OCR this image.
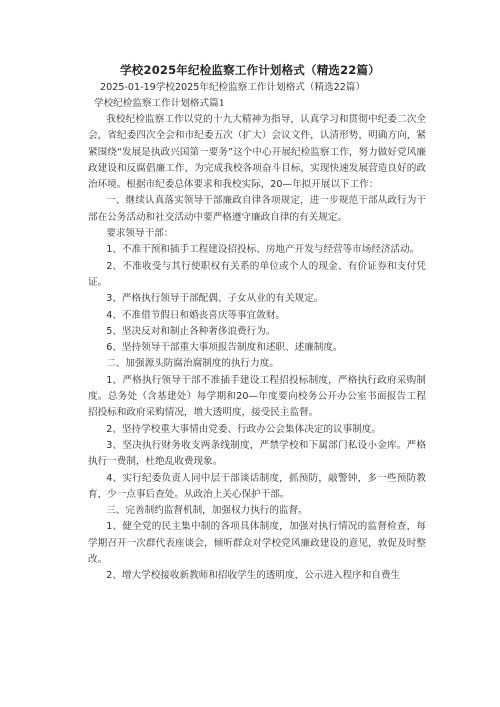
学校2025年纪检监察工作计划格式（精选22篇）
2025-01-19学校2025年纪检监察工作计划格式（精选22篇）
学校纪检监察工作计划格式篇1

我校纪检监察工作以党的十九大精神为指导，认真学习和贯彻中纪委二次全会，省纪委四次全会和市纪委五次（扩大）会议文件，认清形势，明确方向，紧紧围绕“发展是执政兴国第一要务”这个中心开展纪检监察工作，努力做好党风廉政建设和反腐倡廉工作，为完成我校各项奋斗目标，实现快速发展营造良好的政治环境。根据市纪委总体要求和我校实际，20—年拟开展以下工作：

一、继续认真落实领导干部廉政自律各项规定，进一步规范干部从政行为干部在公务活动和社交活动中要严格遵守廉政自律的有关规定。

要求领导干部：

1、不准干预和插手工程建设招投标、房地产开发与经营等市场经济活动。

2、不准收受与其行使职权有关系的单位或个人的现金、有价证券和支付凭证。

3、严格执行领导干部配偶、子女从业的有关规定。

4、不准借节假日和婚丧喜庆等事宜敛财。

5、坚决反对和制止各种奢侈浪费行为。

6、坚持领导干部重大事项报告制度和述职、述廉制度。

二、加强源头防腐治腐制度的执行力度。

1、严格执行领导干部不准插手建设工程招投标制度，严格执行政府采购制度。总务处（含基建处）每学期和20—年度要向校务公开办公室书面报告工程招投标和政府采购情况，增大透明度，接受民主监督。

2、坚持学校重大事情由党委、行政办公会集体决定的议事制度。

3、坚决执行财务收支两条线制度，严禁学校和下属部门私设小金库。严格执行一费制，杜绝乱收费现象。

4、实行纪委负责人同中层干部谈话制度，抓预防，敲警钟，多一些预防教育，少一点事后查处。从政治上关心保护干部。

三、完善制约监督机制，加强权力执行的监督。

1、健全党的民主集中制的各项具体制度，加强对执行情况的监督检查，每学期召开一次群代表座谈会，倾听群众对学校党风廉政建设的意见，敦促及时整改。

2、增大学校接收新教师和招收学生的透明度，公示进入程序和自费生
